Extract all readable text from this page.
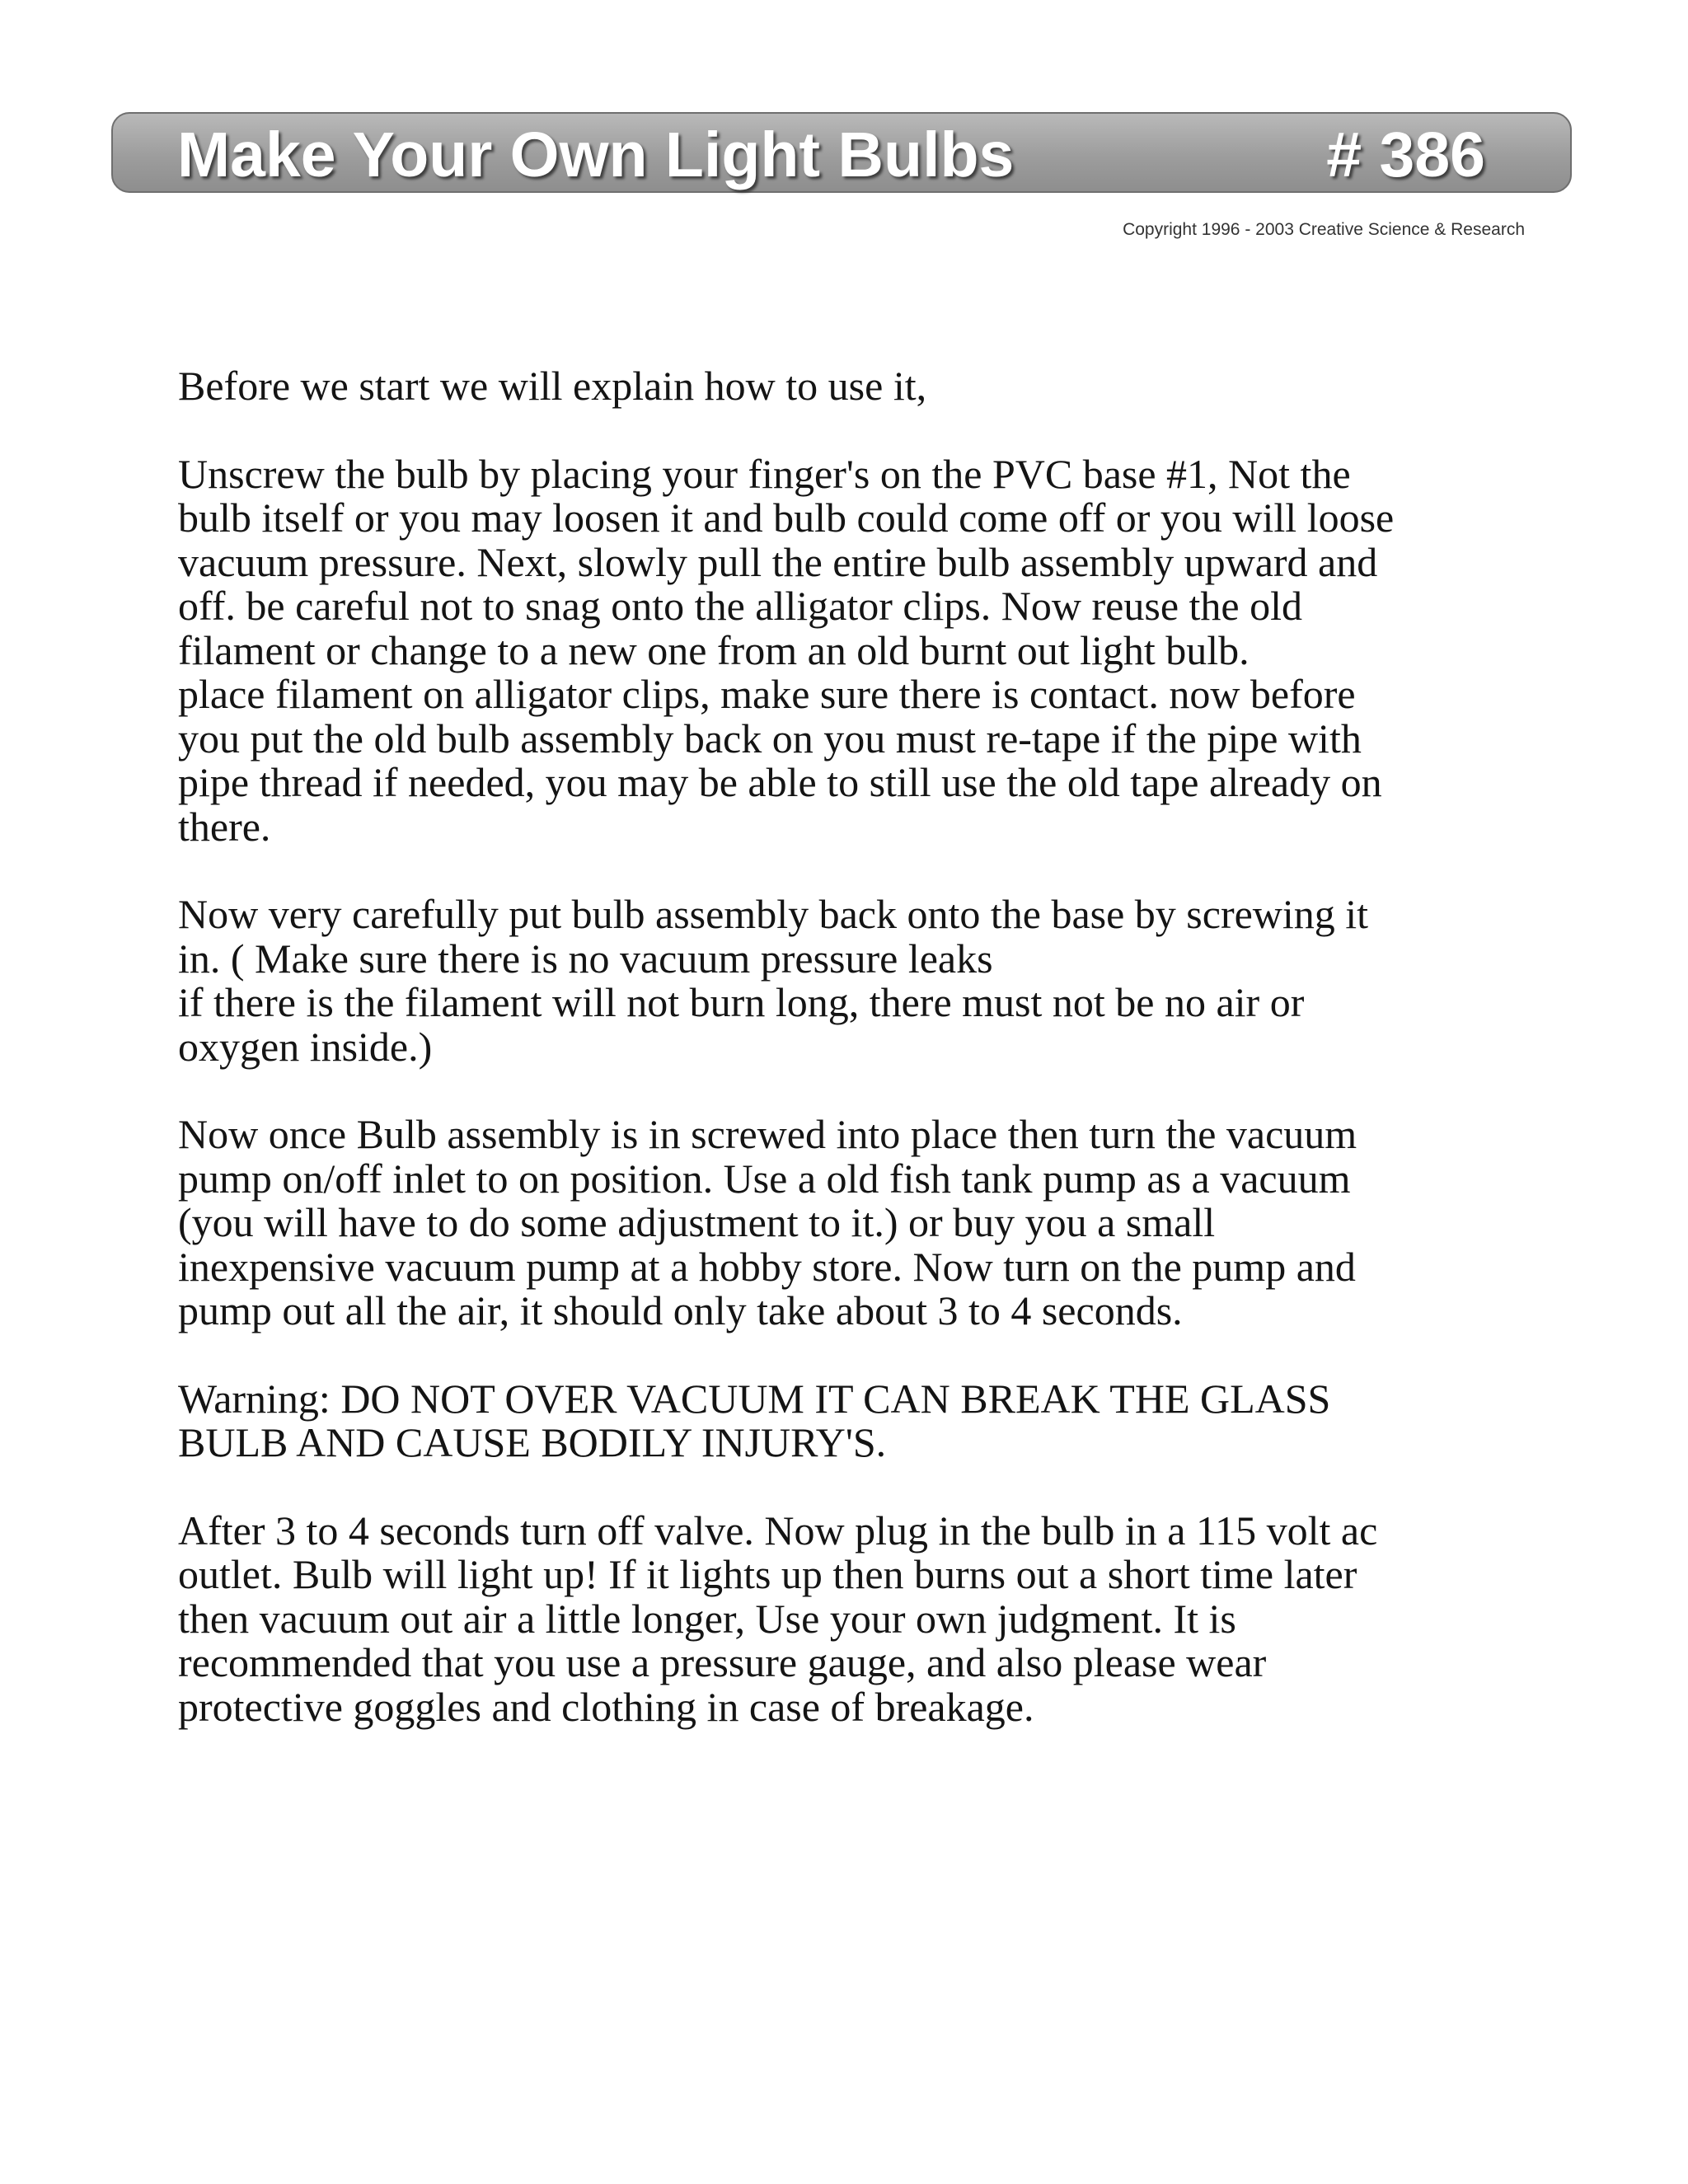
Make Your Own Light Bulbs	# 386
Copyright 1996 - 2003 Creative Science & Research

Before we start we will explain how to use it,

Unscrew the bulb by placing your finger's on the PVC base #1, Not the
bulb itself or you may loosen it and bulb could come off or you will loose
vacuum pressure. Next, slowly pull the entire bulb assembly upward and
off. be careful not to snag onto the alligator clips. Now reuse the old
filament or change to a new one from an old burnt out light bulb.
place filament on alligator clips, make sure there is contact. now before
you put the old bulb assembly back on you must re-tape if the pipe with
pipe thread if needed, you may be able to still use the old tape already on
there.

Now very carefully put bulb assembly back onto the base by screwing it
in. ( Make sure there is no vacuum pressure leaks
if there is the filament will not burn long, there must not be no air or
oxygen inside.)

Now once Bulb assembly is in screwed into place then turn the vacuum
pump on/off inlet to on position. Use a old fish tank pump as a vacuum
(you will have to do some adjustment to it.) or buy you a small
inexpensive vacuum pump at a hobby store. Now turn on the pump and
pump out all the air, it should only take about 3 to 4 seconds.

Warning: DO NOT OVER VACUUM IT CAN BREAK THE GLASS
BULB AND CAUSE BODILY INJURY'S.

After 3 to 4 seconds turn off valve. Now plug in the bulb in a 115 volt ac
outlet. Bulb will light up! If it lights up then burns out a short time later
then vacuum out air a little longer, Use your own judgment. It is
recommended that you use a pressure gauge, and also please wear
protective goggles and clothing in case of breakage.
